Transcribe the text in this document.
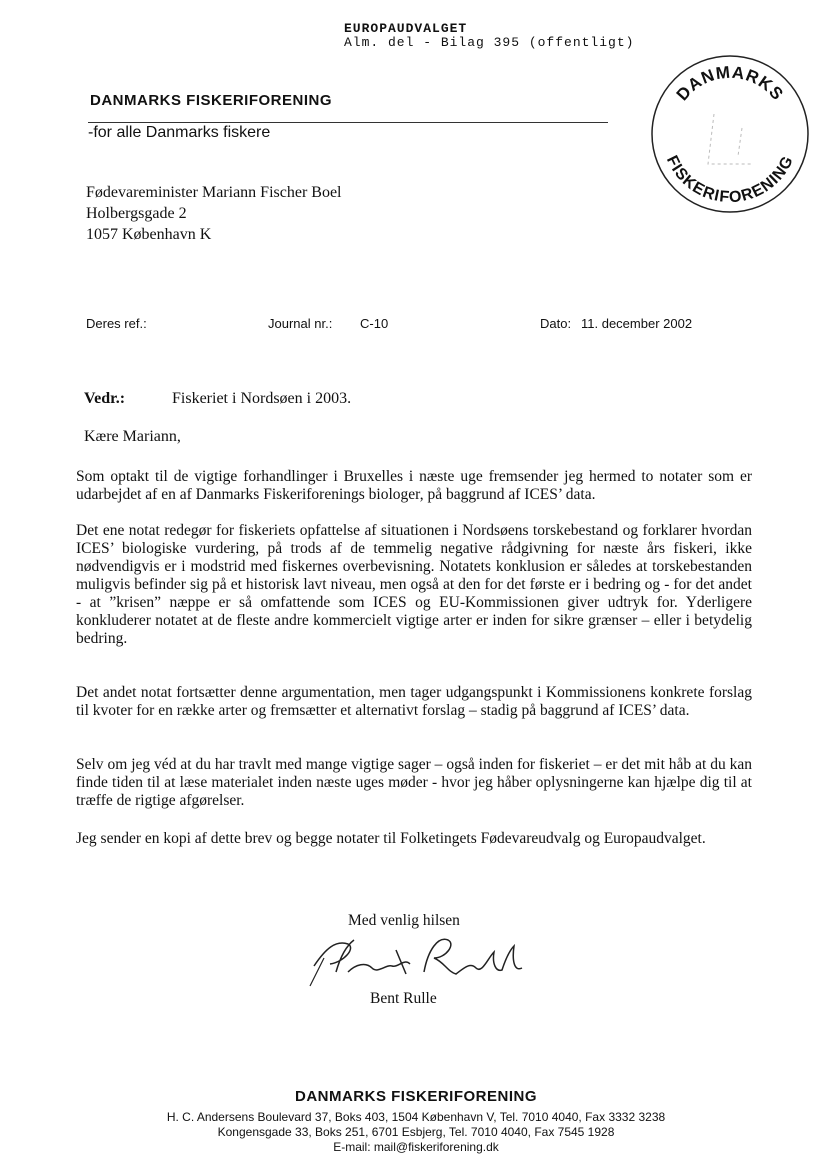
EUROPAUDVALGET
Alm. del - Bilag 395 (offentligt)
DANMARKS FISKERIFORENING
-for alle Danmarks fiskere
DANMARKS
FISKERIFORENING
Fødevareminister Mariann Fischer Boel
Holbergsgade 2
1057 København K
Deres ref.:	Journal nr.: C-10	Dato: 11. december 2002
Vedr.:	Fiskeriet i Nordsøen i 2003.
Kære Mariann,
Som optakt til de vigtige forhandlinger i Bruxelles i næste uge fremsender jeg hermed to notater som er udarbejdet af en af Danmarks Fiskeriforenings biologer, på baggrund af ICES’ data.
Det ene notat redegør for fiskeriets opfattelse af situationen i Nordsøens torskebestand og forklarer hvordan ICES’ biologiske vurdering, på trods af de temmelig negative rådgivning for næste års fiskeri, ikke nødvendigvis er i modstrid med fiskernes overbevisning. Notatets konklusion er således at torskebestanden muligvis befinder sig på et historisk lavt niveau, men også at den for det første er i bedring og - for det andet - at ”krisen” næppe er så omfattende som ICES og EU-Kommissionen giver udtryk for. Yderligere konkluderer notatet at de fleste andre kommercielt vigtige arter er inden for sikre grænser – eller i betydelig bedring.
Det andet notat fortsætter denne argumentation, men tager udgangspunkt i Kommissionens konkrete forslag til kvoter for en række arter og fremsætter et alternativt forslag – stadig på baggrund af ICES’ data.
Selv om jeg véd at du har travlt med mange vigtige sager – også inden for fiskeriet – er det mit håb at du kan finde tiden til at læse materialet inden næste uges møder - hvor jeg håber oplysningerne kan hjælpe dig til at træffe de rigtige afgørelser.
Jeg sender en kopi af dette brev og begge notater til Folketingets Fødevareudvalg og Europaudvalget.
Med venlig hilsen
Bent Rulle
DANMARKS FISKERIFORENING
H. C. Andersens Boulevard 37, Boks 403, 1504 København V, Tel. 7010 4040, Fax 3332 3238
Kongensgade 33, Boks 251, 6701 Esbjerg, Tel. 7010 4040, Fax 7545 1928
E-mail: mail@fiskeriforening.dk
